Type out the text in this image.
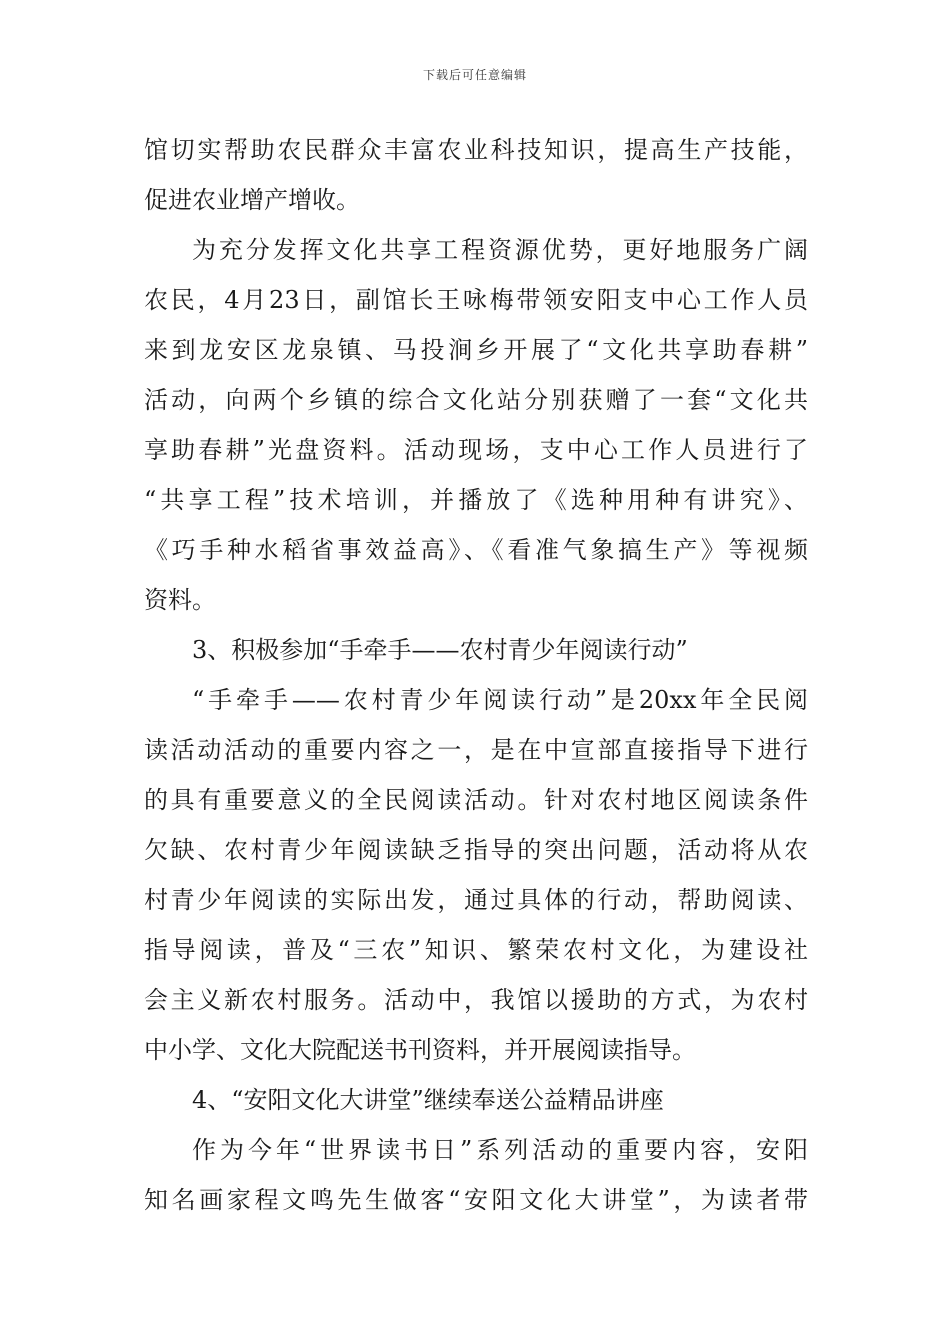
下载后可任意编辑
馆切实帮助农民群众丰富农业科技知识，提高生产技能，
促进农业增产增收。
为充分发挥文化共享工程资源优势，更好地服务广阔
农民，4月23日，副馆长王咏梅带领安阳支中心工作人员
来到龙安区龙泉镇、马投涧乡开展了“文化共享助春耕”
活动，向两个乡镇的综合文化站分别获赠了一套“文化共
享助春耕”光盘资料。活动现场，支中心工作人员进行了
“共享工程”技术培训，并播放了《选种用种有讲究》、
《巧手种水稻省事效益高》、《看准气象搞生产》等视频
资料。
3、积极参加“手牵手——农村青少年阅读行动”
“手牵手——农村青少年阅读行动”是20xx年全民阅
读活动活动的重要内容之一，是在中宣部直接指导下进行
的具有重要意义的全民阅读活动。针对农村地区阅读条件
欠缺、农村青少年阅读缺乏指导的突出问题，活动将从农
村青少年阅读的实际出发，通过具体的行动，帮助阅读、
指导阅读，普及“三农”知识、繁荣农村文化，为建设社
会主义新农村服务。活动中，我馆以援助的方式，为农村
中小学、文化大院配送书刊资料，并开展阅读指导。
4、“安阳文化大讲堂”继续奉送公益精品讲座
作为今年“世界读书日”系列活动的重要内容，安阳
知名画家程文鸣先生做客“安阳文化大讲堂”，为读者带
